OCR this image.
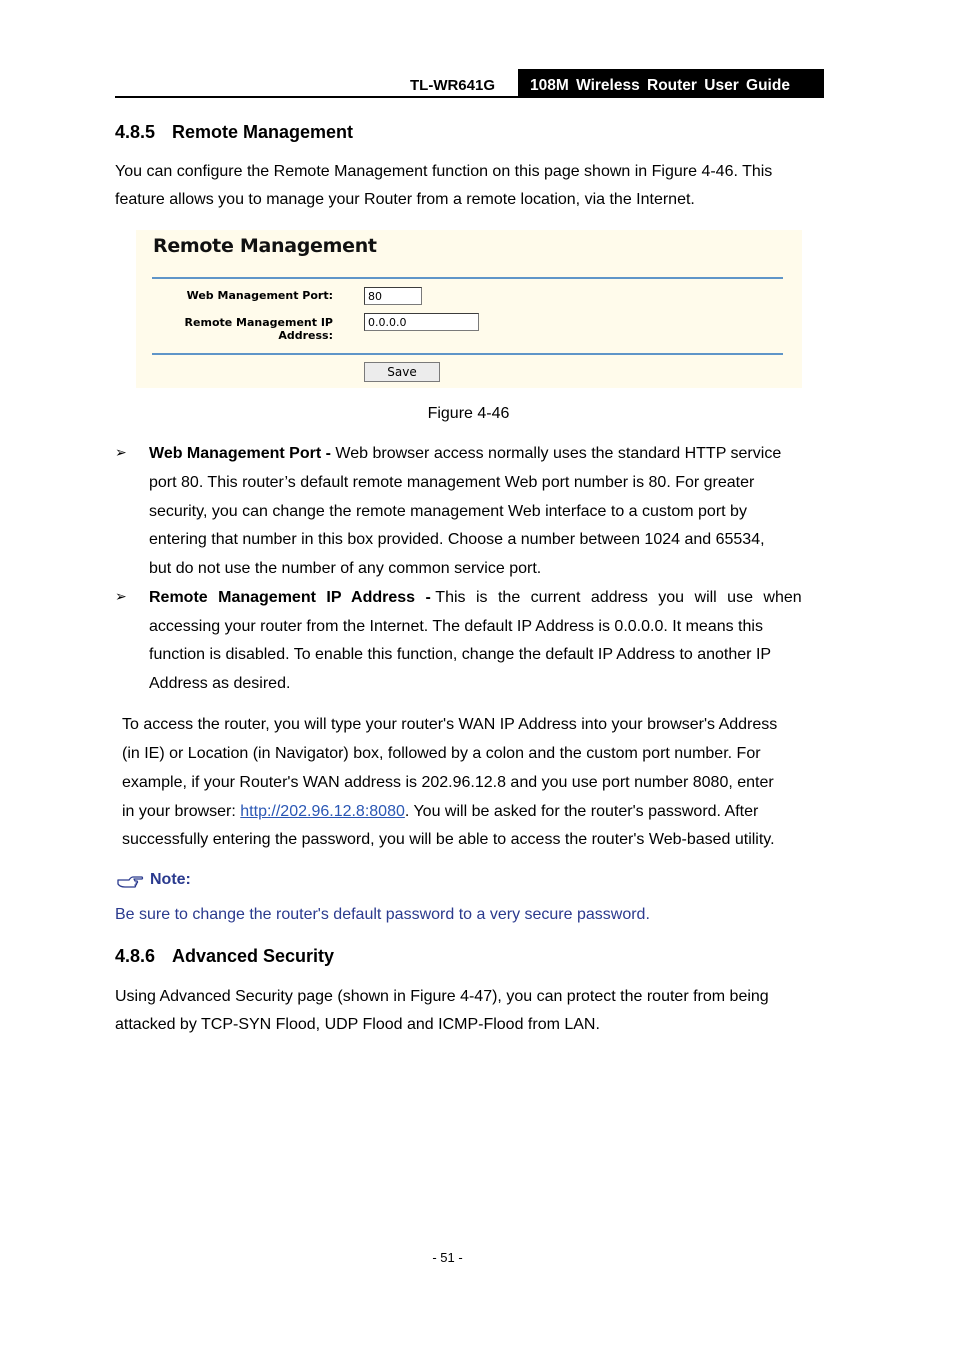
TL-WR641G	108M Wireless Router User Guide
4.8.5 Remote Management
You can configure the Remote Management function on this page shown in Figure 4-46. This
feature allows you to manage your Router from a remote location, via the Internet.
Remote Management
Web Management Port:	80
Remote Management IP Address:
0.0.0.0
Save
Figure 4-46
➢	Web Management Port - Web browser access normally uses the standard HTTP service
port 80. This router’s default remote management Web port number is 80. For greater
security, you can change the remote management Web interface to a custom port by
entering that number in this box provided. Choose a number between 1024 and 65534,
but do not use the number of any common service port.
➢	Remote Management IP Address - This is the current address you will use when
accessing your router from the Internet. The default IP Address is 0.0.0.0. It means this
function is disabled. To enable this function, change the default IP Address to another IP
Address as desired.
To access the router, you will type your router's WAN IP Address into your browser's Address
(in IE) or Location (in Navigator) box, followed by a colon and the custom port number. For
example, if your Router's WAN address is 202.96.12.8 and you use port number 8080, enter
in your browser: http://202.96.12.8:8080. You will be asked for the router's password. After
successfully entering the password, you will be able to access the router's Web-based utility.
Note:
Be sure to change the router's default password to a very secure password.
4.8.6 Advanced Security
Using Advanced Security page (shown in Figure 4-47), you can protect the router from being
attacked by TCP-SYN Flood, UDP Flood and ICMP-Flood from LAN.
- 51 -
